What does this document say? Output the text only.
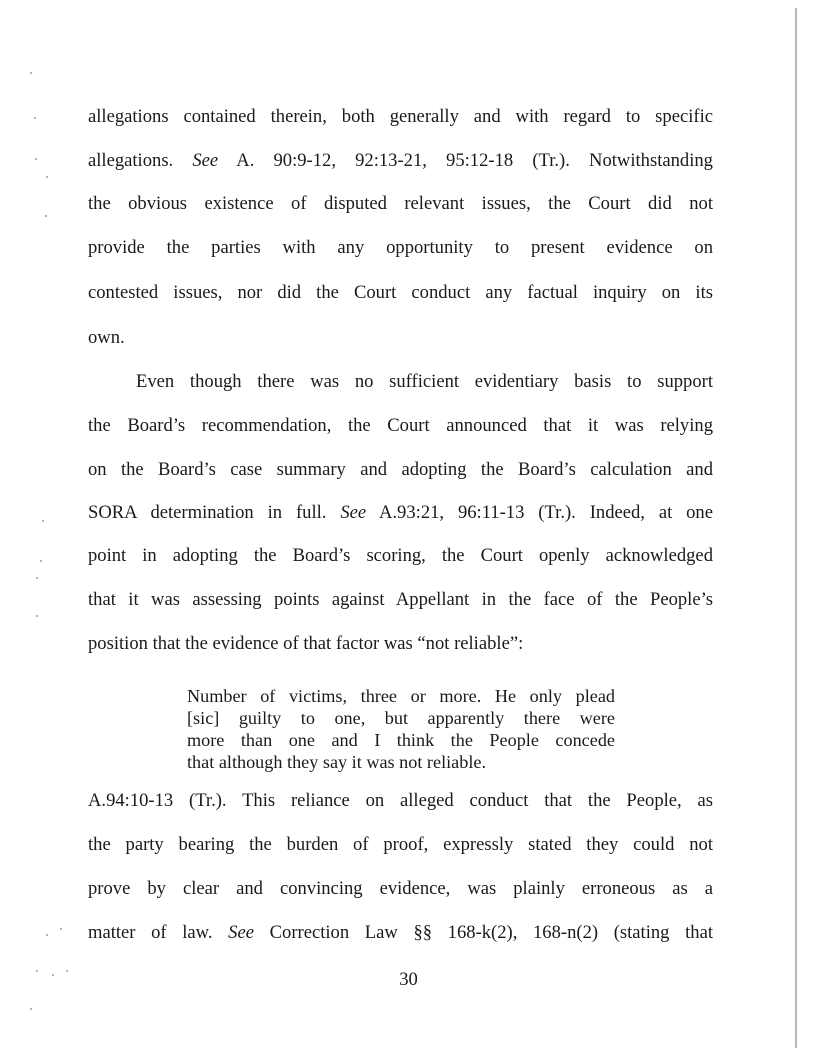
allegations contained therein, both generally and with regard to specific
allegations. See A. 90:9-12, 92:13-21, 95:12-18 (Tr.). Notwithstanding
the obvious existence of disputed relevant issues, the Court did not
provide the parties with any opportunity to present evidence on
contested issues, nor did the Court conduct any factual inquiry on its
own.
Even though there was no sufficient evidentiary basis to support
the Board’s recommendation, the Court announced that it was relying
on the Board’s case summary and adopting the Board’s calculation and
SORA determination in full. See A.93:21, 96:11-13 (Tr.). Indeed, at one
point in adopting the Board’s scoring, the Court openly acknowledged
that it was assessing points against Appellant in the face of the People’s
position that the evidence of that factor was “not reliable”:
Number of victims, three or more. He only plead
[sic] guilty to one, but apparently there were
more than one and I think the People concede
that although they say it was not reliable.
A.94:10-13 (Tr.). This reliance on alleged conduct that the People, as
the party bearing the burden of proof, expressly stated they could not
prove by clear and convincing evidence, was plainly erroneous as a
matter of law. See Correction Law §§ 168-k(2), 168-n(2) (stating that
30
